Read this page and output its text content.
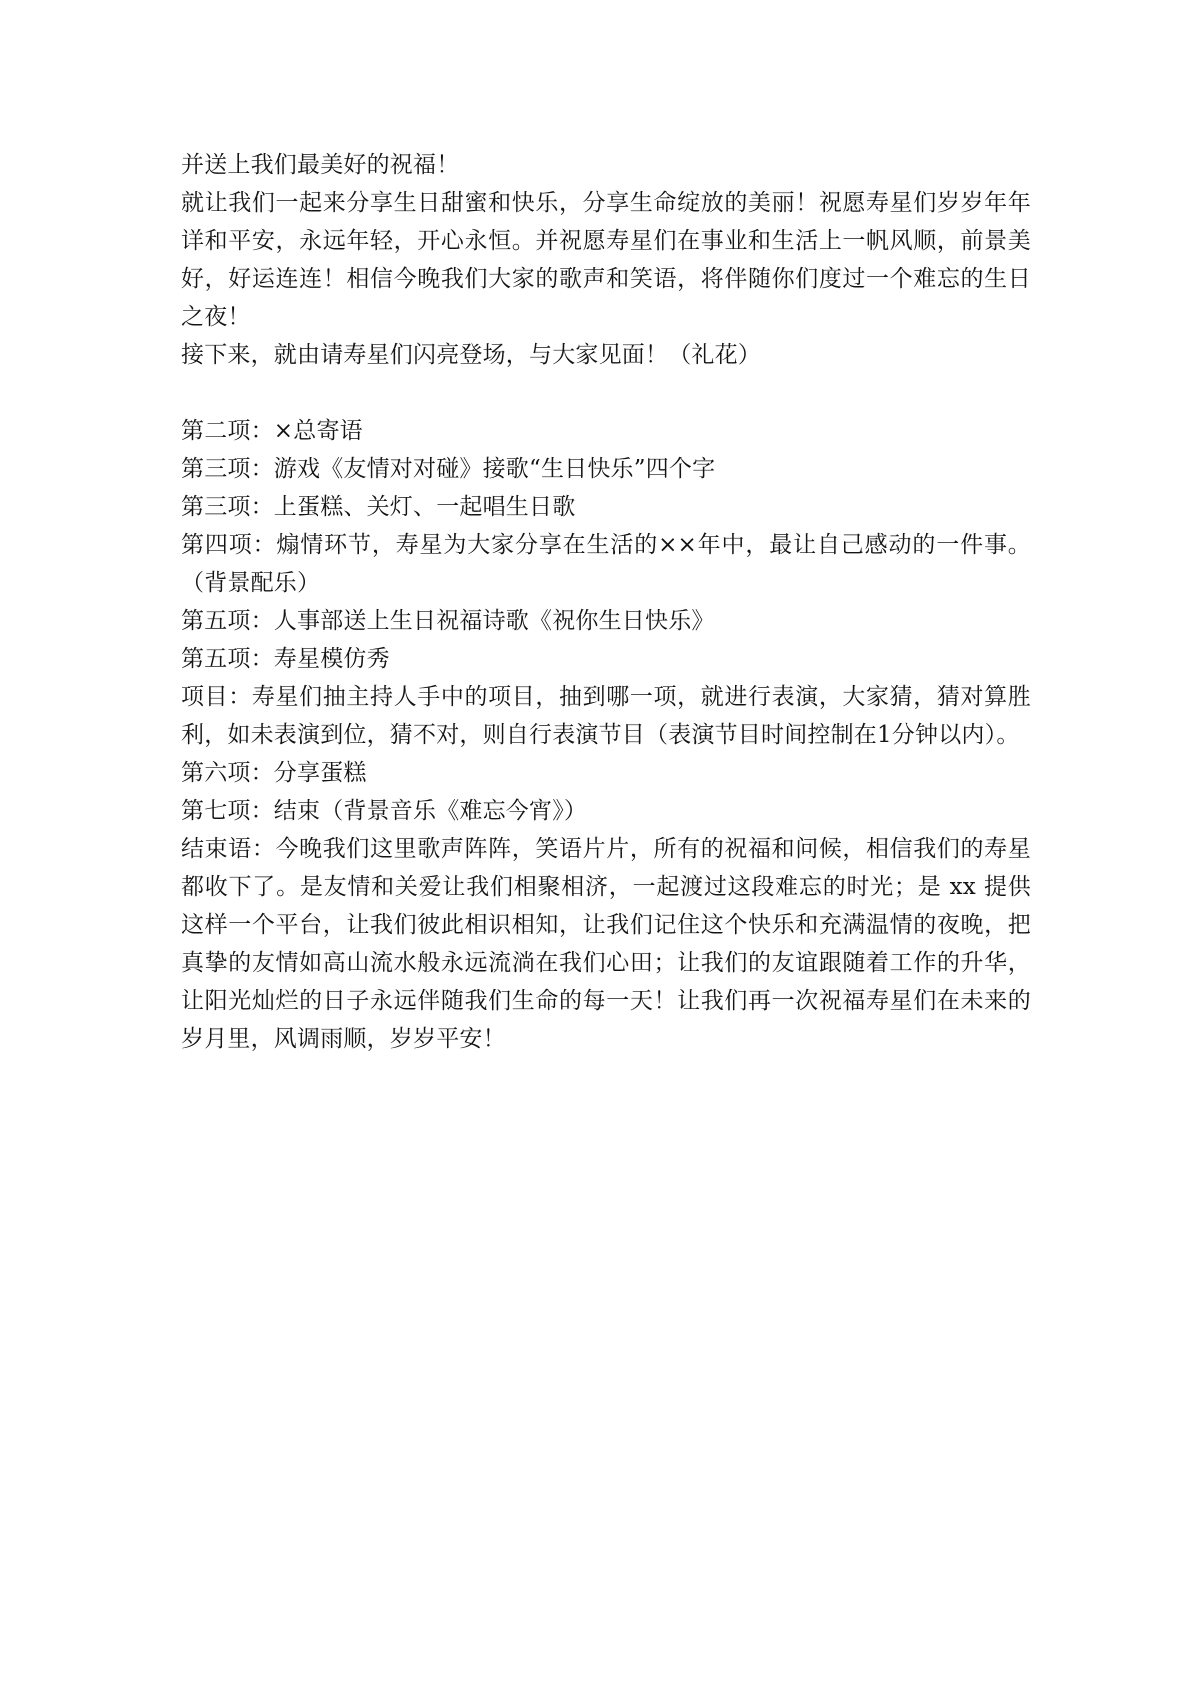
并送上我们最美好的祝福！

就让我们一起来分享生日甜蜜和快乐，分享生命绽放的美丽！祝愿寿星们岁岁年年详和平安，永远年轻，开心永恒。并祝愿寿星们在事业和生活上一帆风顺，前景美好，好运连连！相信今晚我们大家的歌声和笑语，将伴随你们度过一个难忘的生日之夜！

接下来，就由请寿星们闪亮登场，与大家见面！（礼花）

第二项：×总寄语

第三项：游戏《友情对对碰》接歌“生日快乐”四个字

第三项：上蛋糕、关灯、一起唱生日歌

第四项：煽情环节，寿星为大家分享在生活的××年中，最让自己感动的一件事。（背景配乐）

第五项：人事部送上生日祝福诗歌《祝你生日快乐》

第五项：寿星模仿秀

项目：寿星们抽主持人手中的项目，抽到哪一项，就进行表演，大家猜，猜对算胜利，如未表演到位，猜不对，则自行表演节目（表演节目时间控制在1分钟以内）。

第六项：分享蛋糕

第七项：结束（背景音乐《难忘今宵》）

结束语：今晚我们这里歌声阵阵，笑语片片，所有的祝福和问候，相信我们的寿星都收下了。是友情和关爱让我们相聚相济，一起渡过这段难忘的时光；是 xx 提供这样一个平台，让我们彼此相识相知，让我们记住这个快乐和充满温情的夜晚，把真挚的友情如高山流水般永远流淌在我们心田；让我们的友谊跟随着工作的升华，让阳光灿烂的日子永远伴随我们生命的每一天！让我们再一次祝福寿星们在未来的岁月里，风调雨顺，岁岁平安！
